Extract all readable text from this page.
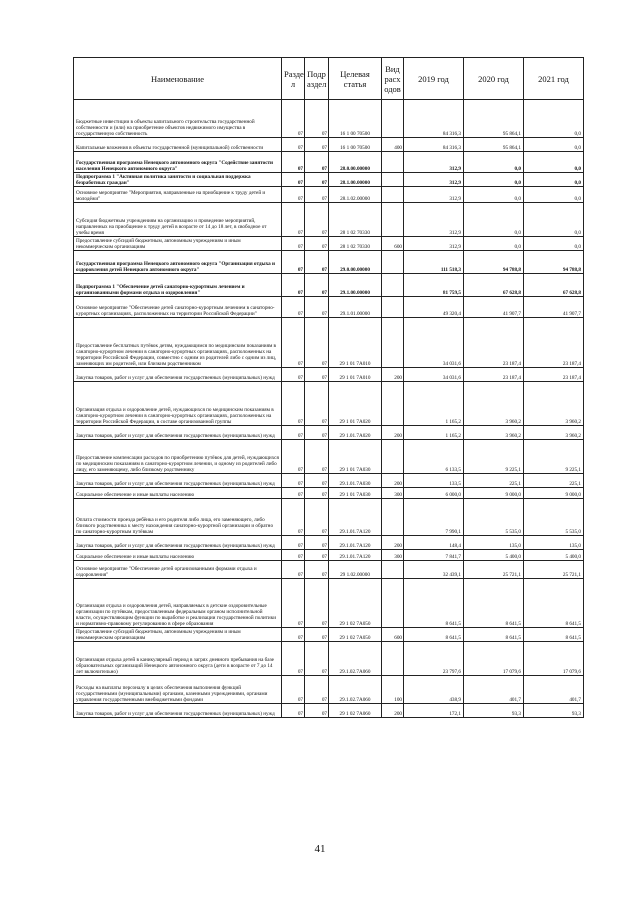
Наименование	Разде л	Подр аздел	Целевая статья	Вид расх одов	2019 год	2020 год	2021 год
Бюджетные инвестиции в объекты капитального строительства государственной собственности и (или) на приобретение объектов недвижимого имущества в государственную собственность	07	07	16 1 00 70500		84 316,3	95 864,1	0,0
Капитальные вложения в объекты государственной (муниципальной) собственности	07	07	16 1 00 70500	400	84 316,3	95 864,1	0,0
Государственная программа Ненецкого автономного округа "Содействие занятости населения Ненецкого автономного округа"	07	07	28.0.00.00000		312,9	0,0	0,0
Подпрограмма 1 "Активная политика занятости и социальная поддержка безработных граждан"	07	07	28.1.00.00000		312,9	0,0	0,0
Основное мероприятие "Мероприятия, направленные на приобщение к труду детей и молодёжи"	07	07	28.1.02.00000		312,9	0,0	0,0
Субсидия бюджетным учреждениям на организацию и проведение мероприятий, направленных на приобщение к труду детей в возрасте от 14 до 18 лет, в свободное от учебы время	07	07	28 1 02 70330		312,9	0,0	0,0
Предоставление субсидий бюджетным, автономным учреждениям и иным некоммерческим организациям	07	07	28 1 02 70330	600	312,9	0,0	0,0
Государственная программа Ненецкого автономного округа "Организация отдыха и оздоровления детей Ненецкого автономного округа"	07	07	29.0.00.00000		111 518,3	94 788,8	94 788,8
Подпрограмма 1 "Обеспечение детей санаторно-курортным лечением и организованными формами отдыха и оздоровления"	07	07	29.1.00.00000		81 759,5	67 628,8	67 628,8
Основное мероприятие "Обеспечение детей санаторно-курортным лечением в санаторно-курортных организациях, расположенных на территории Российской Федерации"	07	07	29.1.01.00000		49 320,4	41 907,7	41 907,7
Предоставление бесплатных путёвок детям, нуждающимся по медицинским показаниям в санаторно-курортном лечении в санаторно-курортных организациях, расположенных на территории Российской Федерации, совместно с одним из родителей либо с одним из лиц, заменяющих им родителей, или близким родственником	07	07	29 1 01 7А010		34 031,6	23 187,4	23 187,4
Закупка товаров, работ и услуг для обеспечения государственных (муниципальных) нужд	07	07	29 1 01 7А010	200	34 031,6	23 187,4	23 187,4
Организация отдыха и оздоровление детей, нуждающихся по медицинским показаниям в санаторно-курортном лечении в санаторно-курортных организациях, расположенных на территории Российской Федерации, в составе организованной группы	07	07	29 1 01 7А020		1 165,2	3 960,2	3 960,2
Закупка товаров, работ и услуг для обеспечения государственных (муниципальных) нужд	07	07	29 1.01.7А020	200	1 165,2	3 960,2	3 960,2
Предоставление компенсации расходов по приобретению путёвок для детей, нуждающихся по медицинским показаниям в санаторно-курортном лечении, и одному из родителей либо лицу, его заменяющему, либо близкому родственнику	07	07	29 1 01 7А030		6 133,5	9 225,1	9 225,1
Закупка товаров, работ и услуг для обеспечения государственных (муниципальных) нужд	07	07	29.1.01.7А030	200	133,5	225,1	225,1
Социальное обеспечение и иные выплаты населению	07	07	29 1 01 7А030	300	6 000,0	9 000,0	9 000,0
Оплата стоимости проезда ребёнка и его родителя либо лица, его заменяющего, либо близкого родственника к месту нахождения санаторно-курортной организации и обратно по санаторно-курортным путёвкам	07	07	29.1.01.7А120		7 990,1	5 535,0	5 535,0
Закупка товаров, работ и услуг для обеспечения государственных (муниципальных) нужд	07	07	29.1.01.7А120	200	148,4	135,0	135,0
Социальное обеспечение и иные выплаты населению	07	07	29.1.01.7А120	300	7 841,7	5 400,0	5 400,0
Основное мероприятие "Обеспечение детей организованными формами отдыха и оздоровления"	07	07	29 1.02.00000		32 439,1	25 721,1	25 721,1
Организация отдыха и оздоровления детей, направляемых в детские оздоровительные организации по путёвкам, предоставленным федеральным органом исполнительной власти, осуществляющим функции по выработке и реализации государственной политики и нормативно-правовому регулированию в сфере образования	07	07	29 1 02 7А050		8 641,5	8 641,5	8 641,5
Предоставление субсидий бюджетным, автономным учреждениям и иным некоммерческим организациям	07	07	29 1 02 7А050	600	8 641,5	8 641,5	8 641,5
Организация отдыха детей в каникулярный период в загрях дневного пребывания на базе образовательных организаций Ненецкого автономного округа (дети в возрасте от 7 до 14 лет включительно)	07	07	29.1.02.7А060		23 797,6	17 079,6	17 079,6
Расходы на выплаты персоналу в целях обеспечения выполнения функций государственными (муниципальными) органами, казенными учреждениями, органами управления государственными внебюджетными фондами	07	07	29.1.02.7А060	100	438,9	401,7	401,7
Закупка товаров, работ и услуг для обеспечения государственных (муниципальных) нужд	07	07	29 1 02 7А060	200	172,1	93,3	93,3
41
